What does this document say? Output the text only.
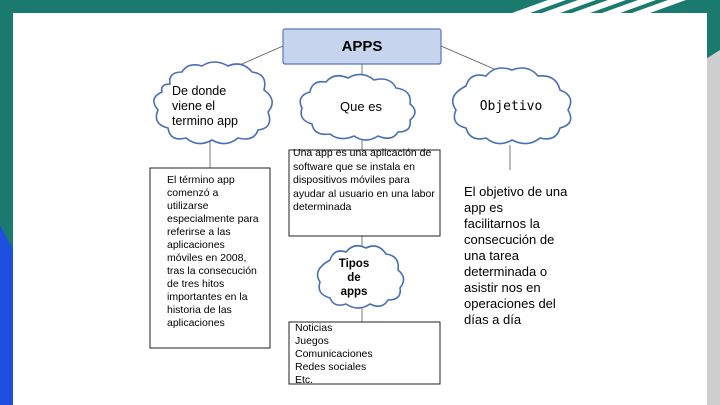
APPS
De donde viene el termino app
Que es	Objetivo
Tipos de apps
El término app comenzó a utilizarse especialmente para referirse a las aplicaciones móviles en 2008, tras la consecución de tres hitos importantes en la historia de las aplicaciones
Una app es una aplicación de software que se instala en dispositivos móviles para ayudar al usuario en una labor determinada
El objetivo de una app es facilitarnos la consecución de una tarea determinada o asistir nos en operaciones del días a día
Noticias
Juegos
Comunicaciones
Redes sociales
Etc.
